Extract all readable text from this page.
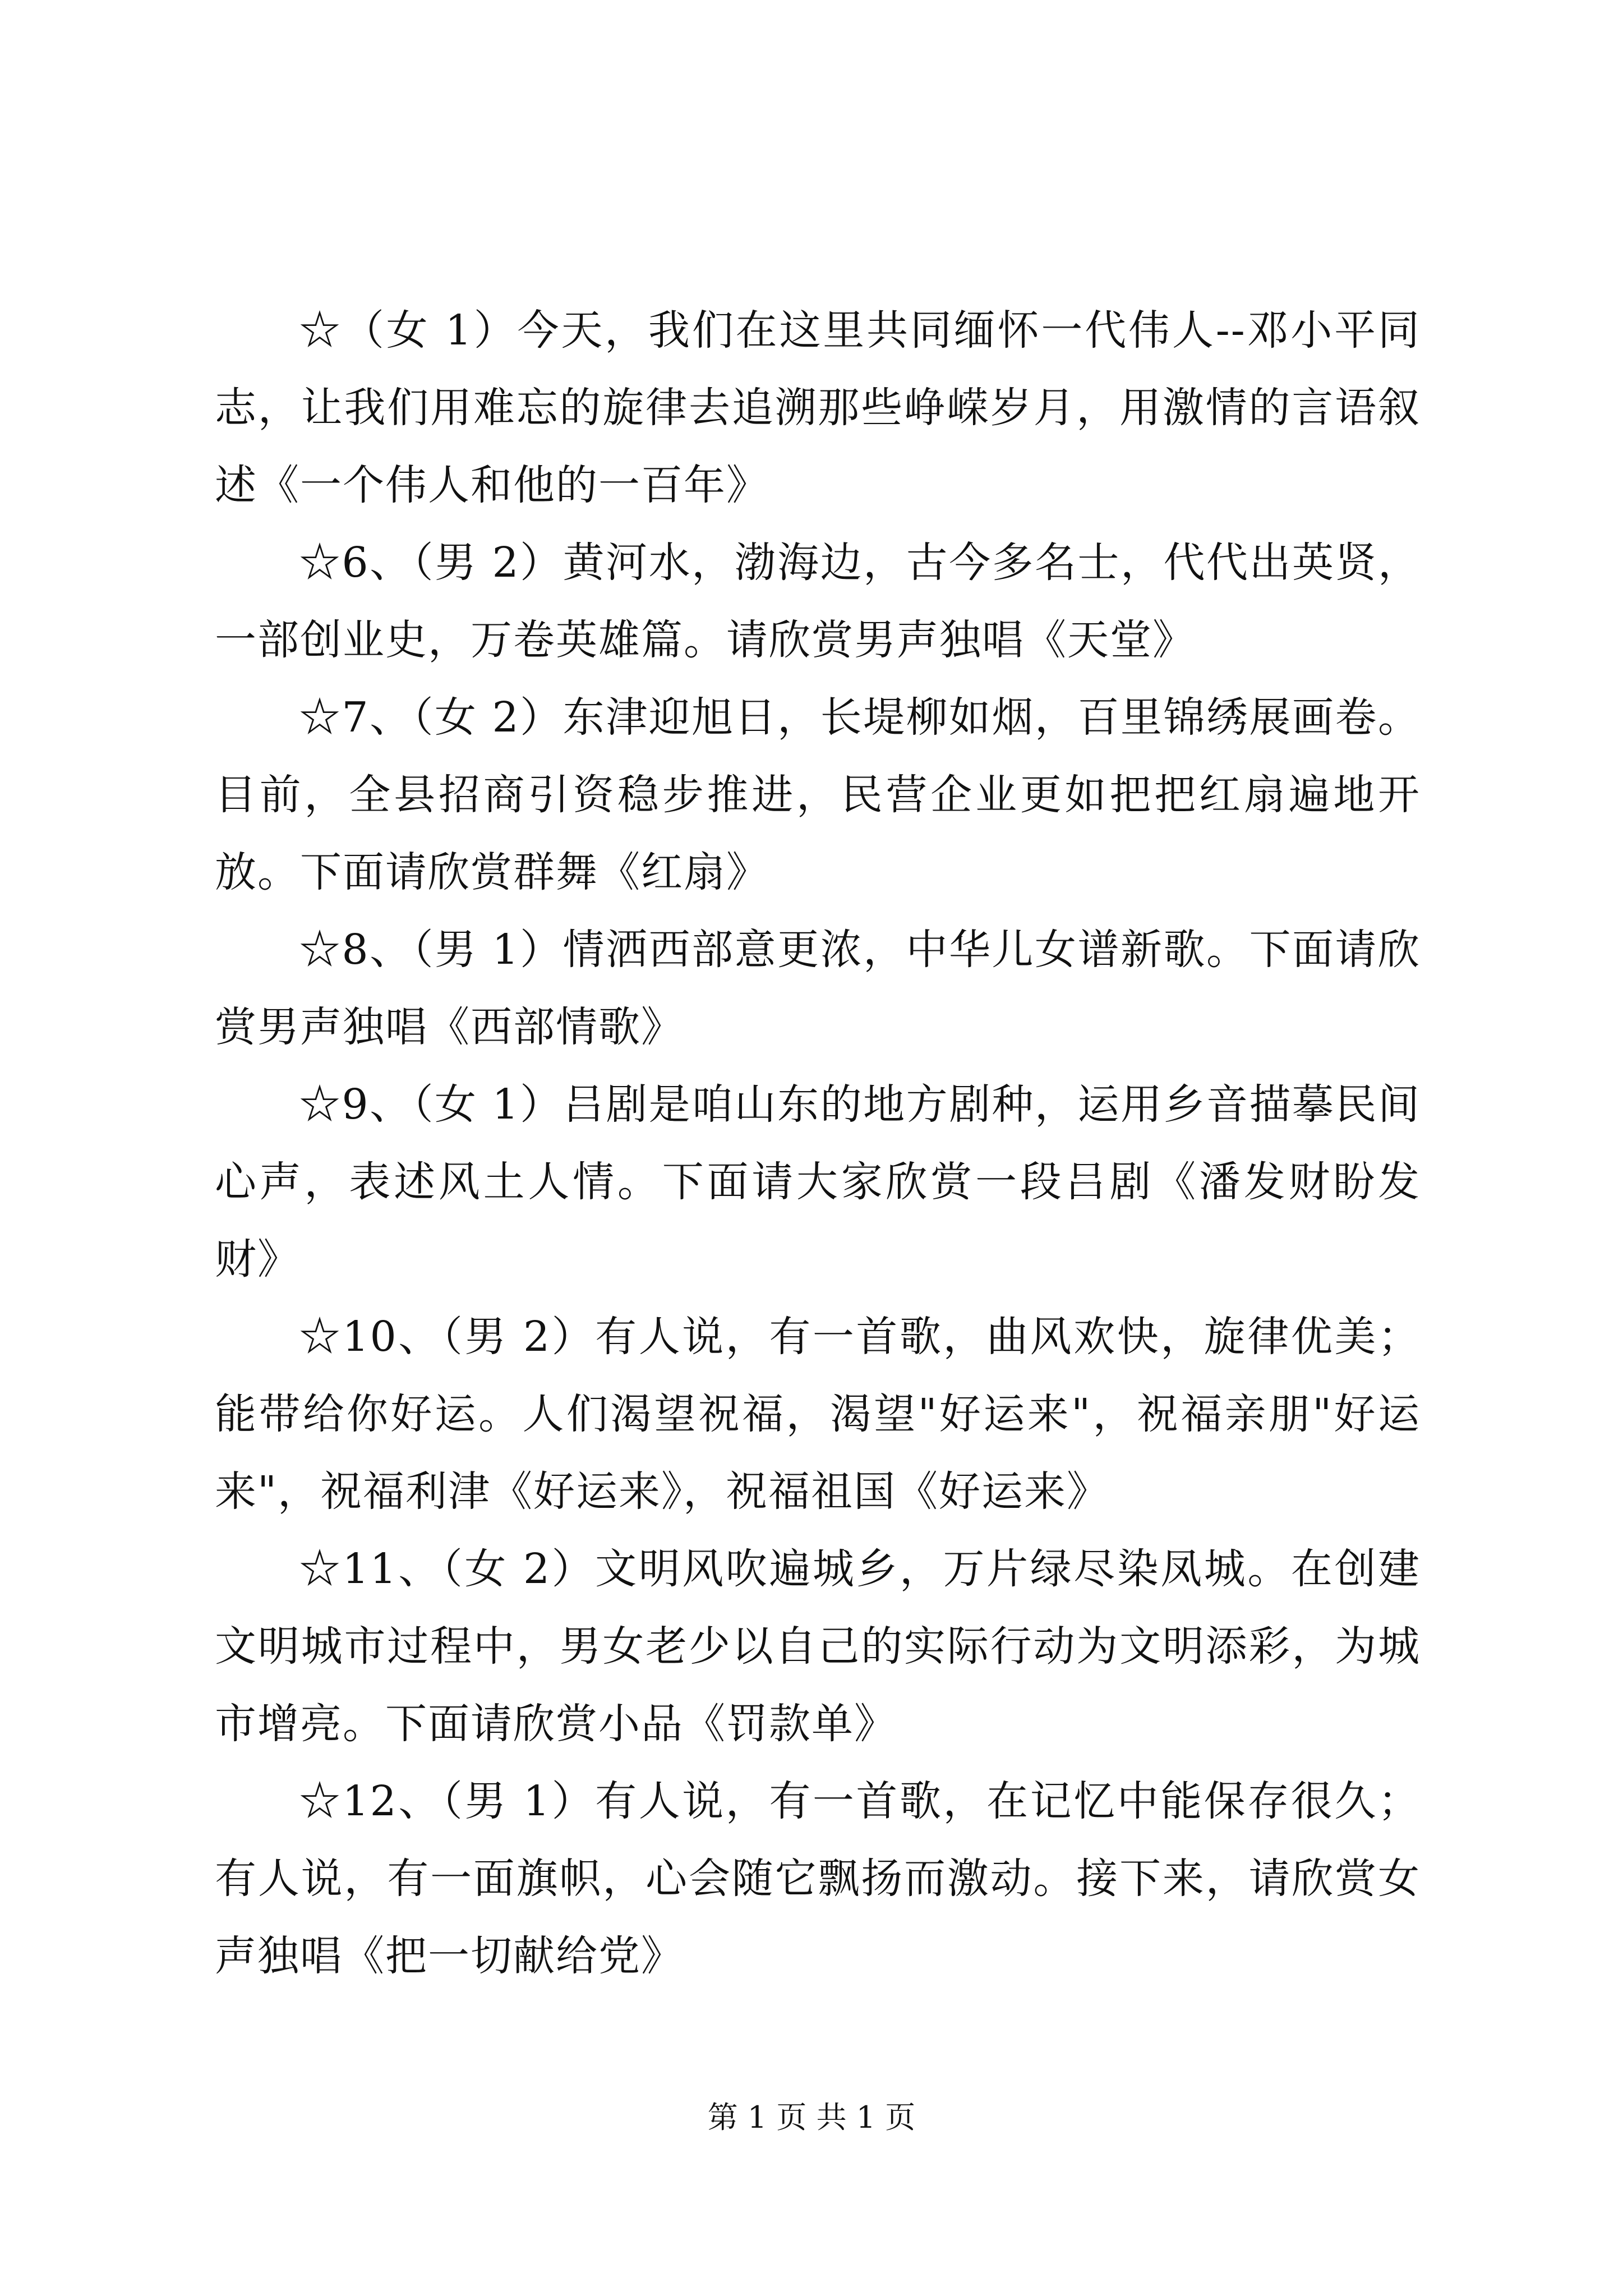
☆（女 1）今天，我们在这里共同缅怀一代伟人--邓小平同志，让我们用难忘的旋律去追溯那些峥嵘岁月，用激情的言语叙述《一个伟人和他的一百年》

☆6、（男 2）黄河水，渤海边，古今多名士，代代出英贤，一部创业史，万卷英雄篇。请欣赏男声独唱《天堂》

☆7、（女 2）东津迎旭日，长堤柳如烟，百里锦绣展画卷。目前，全县招商引资稳步推进，民营企业更如把把红扇遍地开放。下面请欣赏群舞《红扇》

☆8、（男 1）情洒西部意更浓，中华儿女谱新歌。下面请欣赏男声独唱《西部情歌》

☆9、（女 1）吕剧是咱山东的地方剧种，运用乡音描摹民间心声，表述风土人情。下面请大家欣赏一段吕剧《潘发财盼发财》

☆10、（男 2）有人说，有一首歌，曲风欢快，旋律优美；能带给你好运。人们渴望祝福，渴望"好运来"，祝福亲朋"好运来"，祝福利津《好运来》，祝福祖国《好运来》

☆11、（女 2）文明风吹遍城乡，万片绿尽染凤城。在创建文明城市过程中，男女老少以自己的实际行动为文明添彩，为城市增亮。下面请欣赏小品《罚款单》

☆12、（男 1）有人说，有一首歌，在记忆中能保存很久；有人说，有一面旗帜，心会随它飘扬而激动。接下来，请欣赏女声独唱《把一切献给党》

第 1 页 共 1 页
